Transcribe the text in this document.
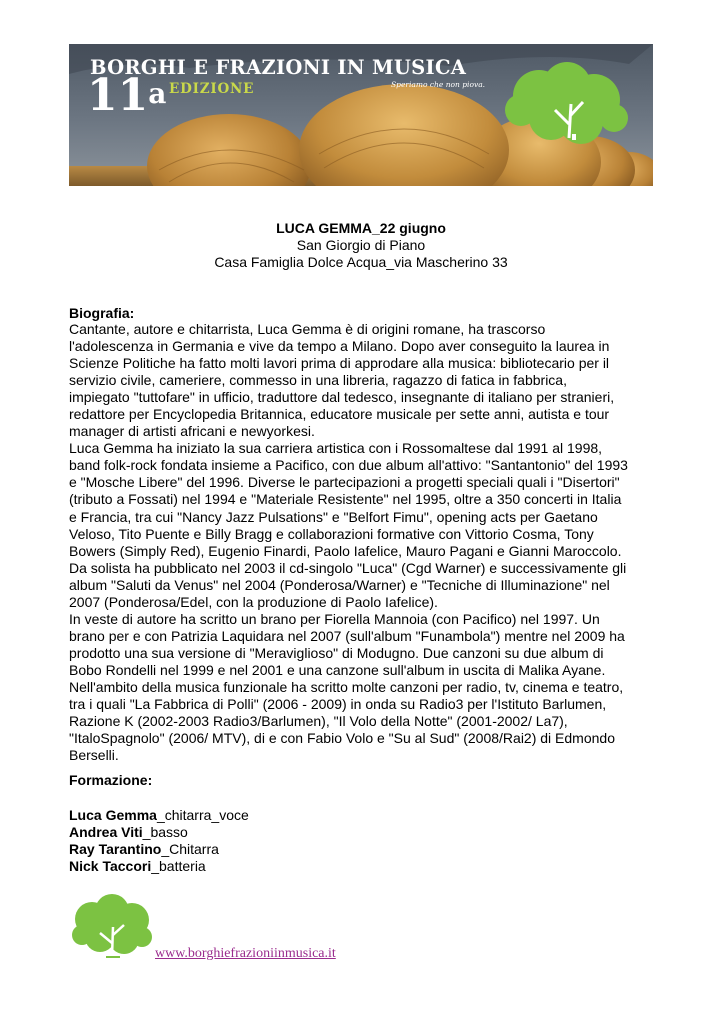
BORGHI E FRAZIONI IN MUSICA
11$^a$ EDIZIONE	Speriamo che non piova.
LUCA GEMMA_22 giugno
San Giorgio di Piano
Casa Famiglia Dolce Acqua_via Mascherino 33
Biografia:

Cantante, autore e chitarrista, Luca Gemma è di origini romane, ha trascorso

l'adolescenza in Germania e vive da tempo a Milano. Dopo aver conseguito la laurea in

Scienze Politiche ha fatto molti lavori prima di approdare alla musica: bibliotecario per il

servizio civile, cameriere, commesso in una libreria, ragazzo di fatica in fabbrica,

impiegato "tuttofare" in ufficio, traduttore dal tedesco, insegnante di italiano per stranieri,

redattore per Encyclopedia Britannica, educatore musicale per sette anni, autista e tour

manager di artisti africani e newyorkesi.

Luca Gemma ha iniziato la sua carriera artistica con i Rossomaltese dal 1991 al 1998,

band folk-rock fondata insieme a Pacifico, con due album all'attivo: "Santantonio" del 1993

e "Mosche Libere" del 1996. Diverse le partecipazioni a progetti speciali quali i "Disertori"

(tributo a Fossati) nel 1994 e "Materiale Resistente" nel 1995, oltre a 350 concerti in Italia

e Francia, tra cui "Nancy Jazz Pulsations" e "Belfort Fimu", opening acts per Gaetano

Veloso, Tito Puente e Billy Bragg e collaborazioni formative con Vittorio Cosma, Tony

Bowers (Simply Red), Eugenio Finardi, Paolo Iafelice, Mauro Pagani e Gianni Maroccolo.

Da solista ha pubblicato nel 2003 il cd-singolo "Luca" (Cgd Warner) e successivamente gli

album "Saluti da Venus" nel 2004 (Ponderosa/Warner) e "Tecniche di Illuminazione" nel

2007 (Ponderosa/Edel, con la produzione di Paolo Iafelice).

In veste di autore ha scritto un brano per Fiorella Mannoia (con Pacifico) nel 1997. Un

brano per e con Patrizia Laquidara nel 2007 (sull'album "Funambola") mentre nel 2009 ha

prodotto una sua versione di "Meraviglioso" di Modugno. Due canzoni su due album di

Bobo Rondelli nel 1999 e nel 2001 e una canzone sull'album in uscita di Malika Ayane.

Nell'ambito della musica funzionale ha scritto molte canzoni per radio, tv, cinema e teatro,

tra i quali "La Fabbrica di Polli" (2006 - 2009) in onda su Radio3 per l'Istituto Barlumen,

Razione K (2002-2003 Radio3/Barlumen), "Il Volo della Notte" (2001-2002/ La7),

"ItaloSpagnolo" (2006/ MTV), di e con Fabio Volo e "Su al Sud" (2008/Rai2) di Edmondo

Berselli.

Formazione:
Luca Gemma_chitarra_voce
Andrea Viti_basso
Ray Tarantino_Chitarra
Nick Taccori_batteria
www.borghiefrazioniinmusica.it
